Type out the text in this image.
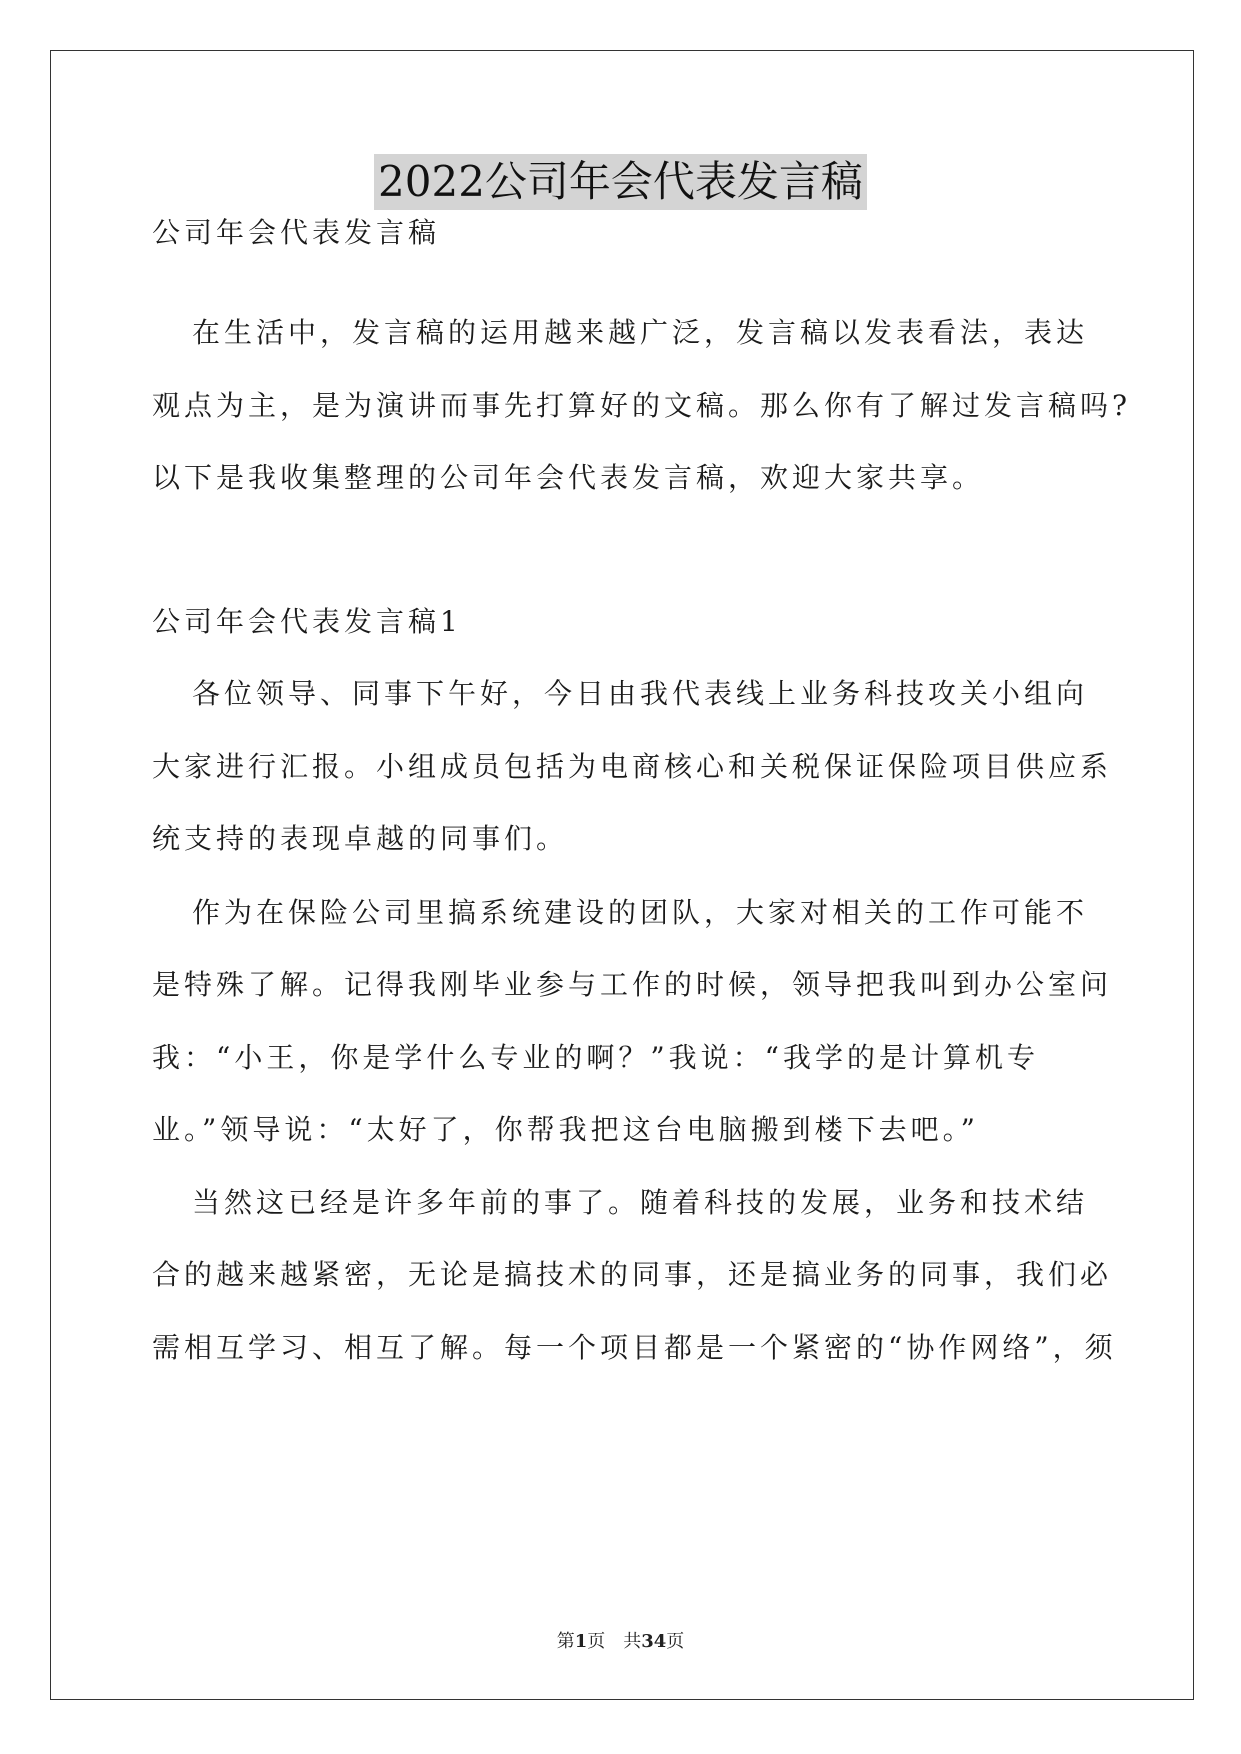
2022公司年会代表发言稿
公司年会代表发言稿
在生活中，发言稿的运用越来越广泛，发言稿以发表看法，表达
观点为主，是为演讲而事先打算好的文稿。那么你有了解过发言稿吗?
以下是我收集整理的公司年会代表发言稿，欢迎大家共享。
公司年会代表发言稿1
各位领导、同事下午好，今日由我代表线上业务科技攻关小组向
大家进行汇报。小组成员包括为电商核心和关税保证保险项目供应系
统支持的表现卓越的同事们。
作为在保险公司里搞系统建设的团队，大家对相关的工作可能不
是特殊了解。记得我刚毕业参与工作的时候，领导把我叫到办公室问
我：“小王，你是学什么专业的啊？”我说：“我学的是计算机专
业。”领导说：“太好了，你帮我把这台电脑搬到楼下去吧。”
当然这已经是许多年前的事了。随着科技的发展，业务和技术结
合的越来越紧密，无论是搞技术的同事，还是搞业务的同事，我们必
需相互学习、相互了解。每一个项目都是一个紧密的“协作网络”，须
第1页　共34页
